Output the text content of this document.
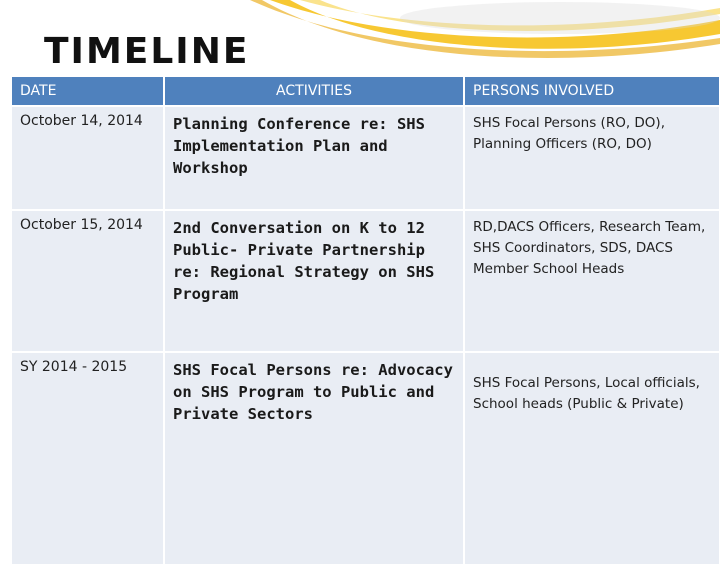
TIMELINE
DATE	ACTIVITIES	PERSONS INVOLVED
October 14, 2014	Planning Conference re: SHS Implementation Plan and Workshop	SHS Focal Persons (RO, DO), Planning Officers (RO, DO)
October 15, 2014	2nd Conversation on K to 12 Public- Private Partnership re: Regional Strategy on SHS Program	RD,DACS Officers, Research Team, SHS Coordinators, SDS, DACS Member School Heads
SY 2014 - 2015	SHS Focal Persons re: Advocacy on SHS Program to Public and Private Sectors	SHS Focal Persons, Local officials, School heads (Public & Private)
